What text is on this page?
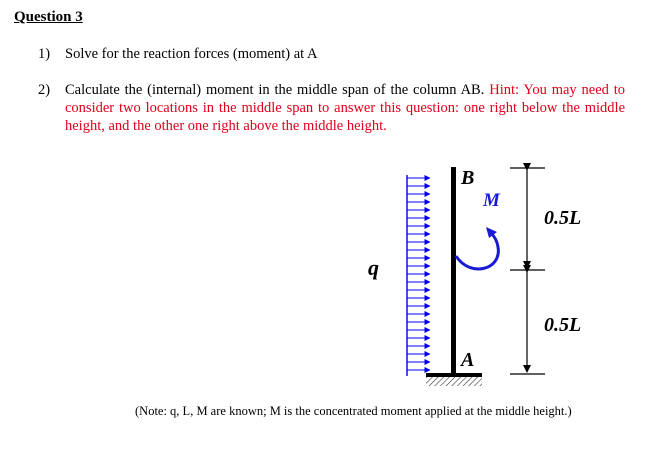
Question 3
1) Solve for the reaction forces (moment) at A
2) Calculate the (internal) moment in the middle span of the column AB. Hint: You may need to consider two locations in the middle span to answer this question: one right below the middle height, and the other one right above the middle height.
B
A
M
q
0.5L
0.5L
(Note: q, L, M are known; M is the concentrated moment applied at the middle height.)
